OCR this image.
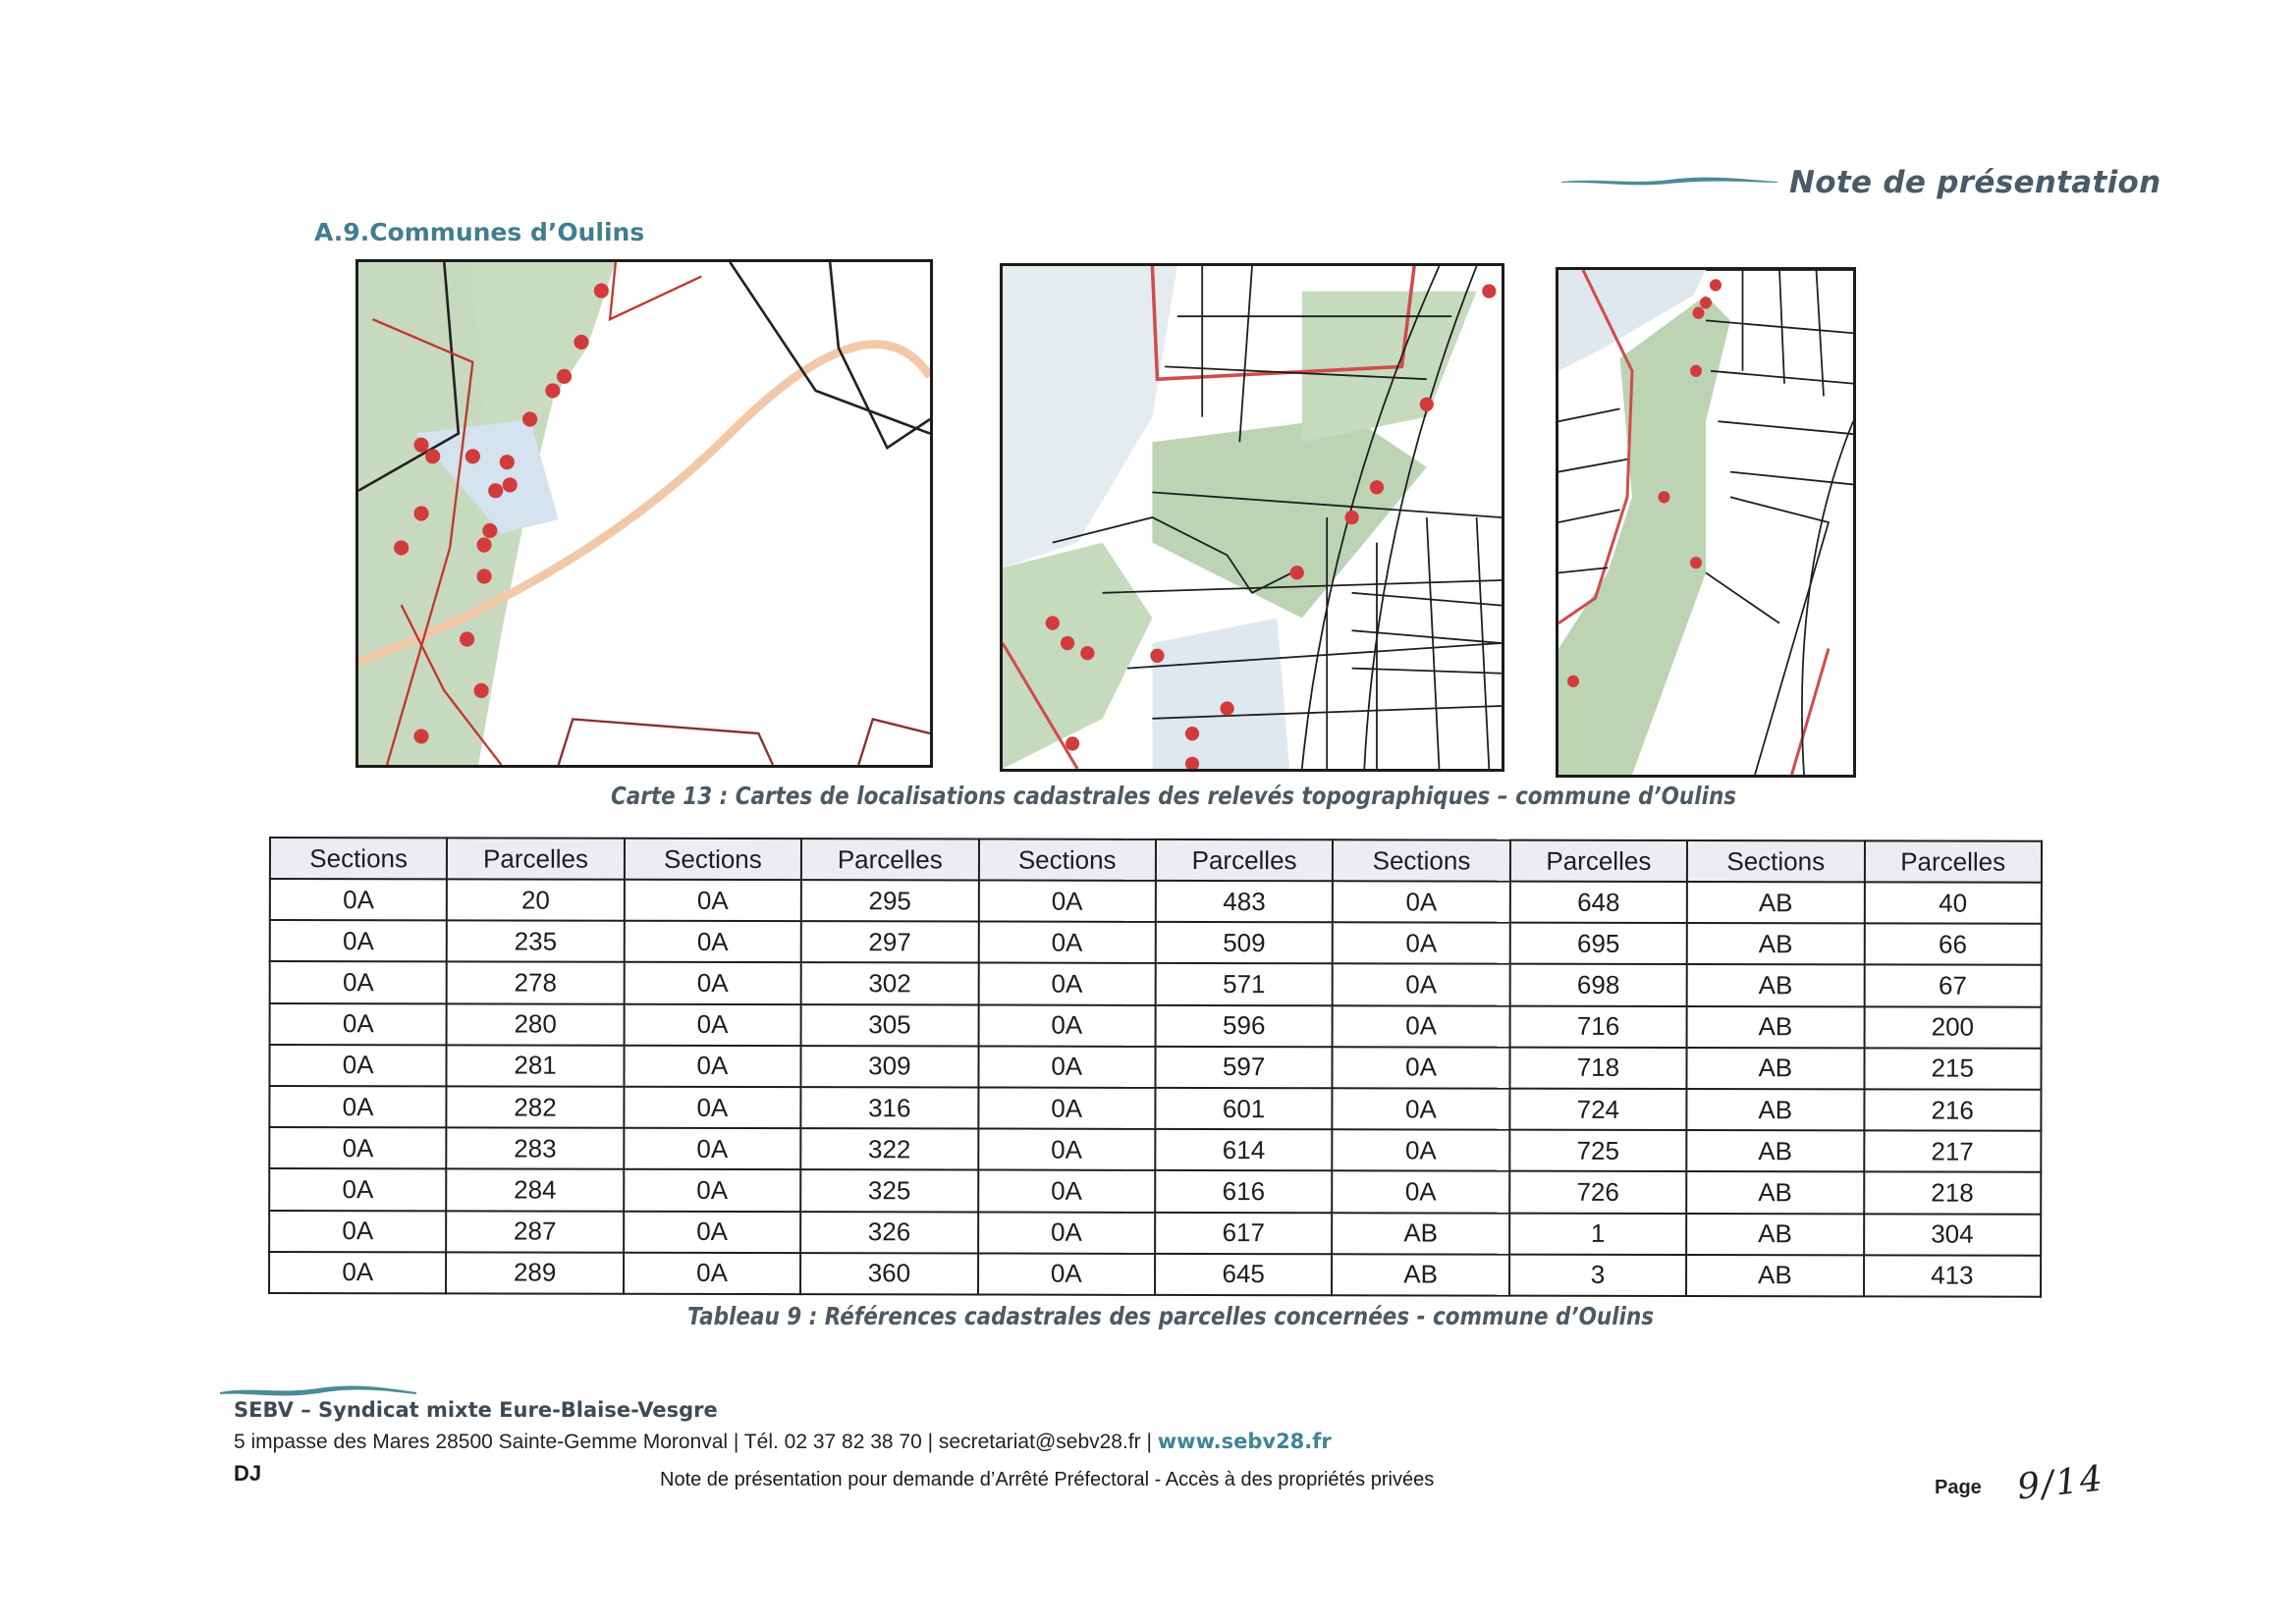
Note de présentation
A.9.Communes d’Oulins
Carte 13 : Cartes de localisations cadastrales des relevés topographiques – commune d’Oulins
Sections	Parcelles	Sections	Parcelles	Sections	Parcelles	Sections	Parcelles	Sections	Parcelles
0A	20	0A	295	0A	483	0A	648	AB	40
0A	235	0A	297	0A	509	0A	695	AB	66
0A	278	0A	302	0A	571	0A	698	AB	67
0A	280	0A	305	0A	596	0A	716	AB	200
0A	281	0A	309	0A	597	0A	718	AB	215
0A	282	0A	316	0A	601	0A	724	AB	216
0A	283	0A	322	0A	614	0A	725	AB	217
0A	284	0A	325	0A	616	0A	726	AB	218
0A	287	0A	326	0A	617	AB	1	AB	304
0A	289	0A	360	0A	645	AB	3	AB	413
Tableau 9 : Références cadastrales des parcelles concernées - commune d’Oulins
SEBV – Syndicat mixte Eure-Blaise-Vesgre
5 impasse des Mares 28500 Sainte-Gemme Moronval | Tél. 02 37 82 38 70 | secretariat@sebv28.fr | www.sebv28.fr
DJ	Note de présentation pour demande d’Arrêté Préfectoral - Accès à des propriétés privées	Page 9/14
